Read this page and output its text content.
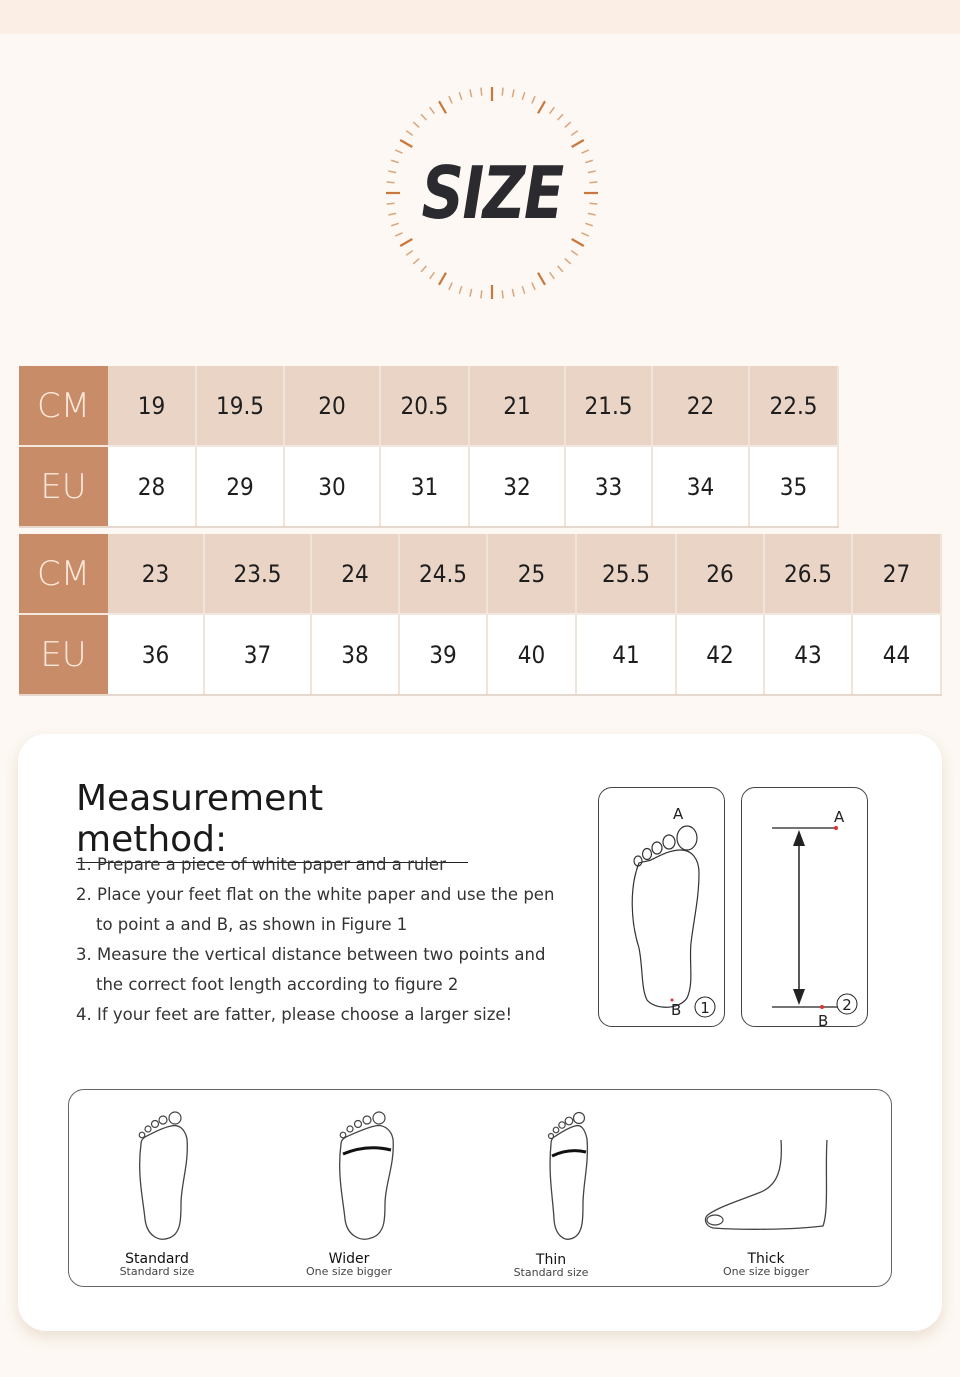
SIZE
CM	19	19.5	20	20.5	21	21.5	22	22.5
EU	28	29	30	31	32	33	34	35
CM	23	23.5	24	24.5	25	25.5	26	26.5	27
EU	36	37	38	39	40	41	42	43	44
Measurement method:
1. Prepare a piece of white paper and a ruler
2. Place your feet flat on the white paper and use the pen to point a and B, as shown in Figure 1
3. Measure the vertical distance between two points and the correct foot length according to figure 2
4. If your feet are fatter, please choose a larger size!
A
B 1
A
B
2
Standard
Standard size
Wider
One size bigger
Thin
Standard size
Thick
One size bigger
